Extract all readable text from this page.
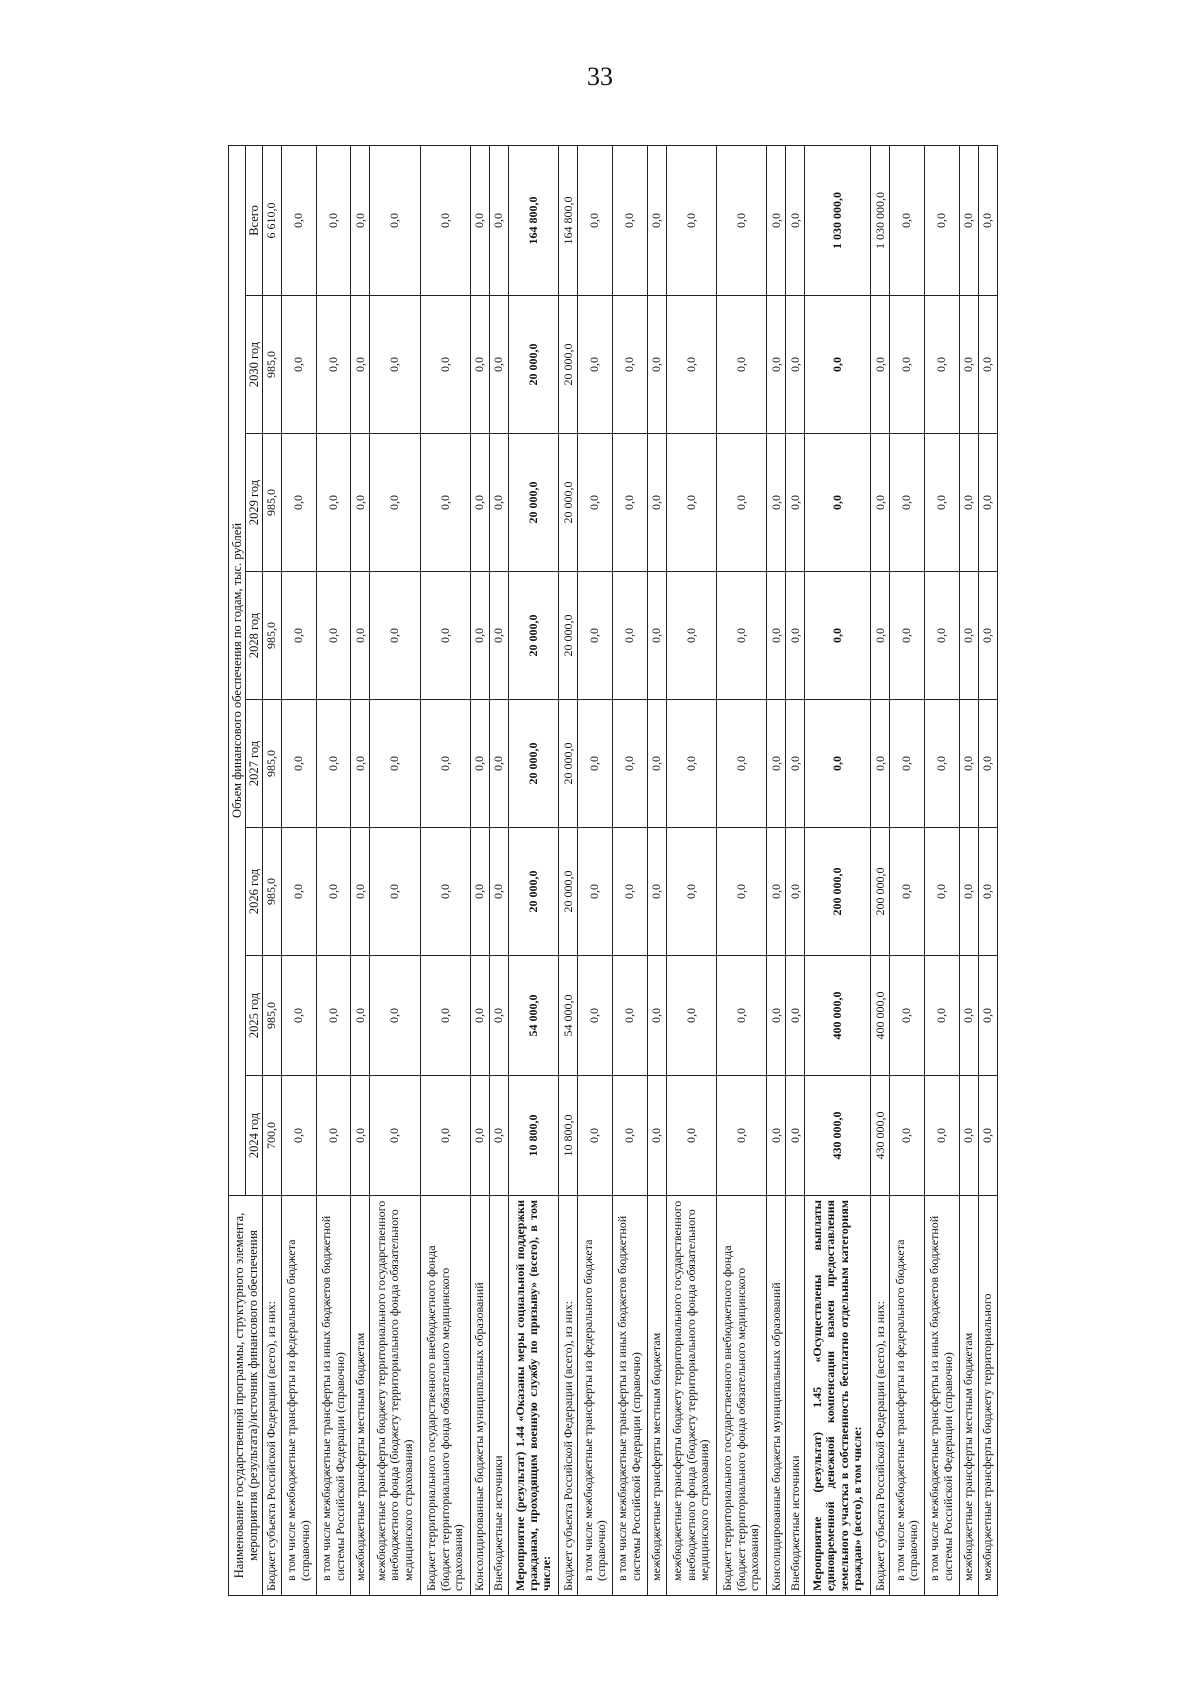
33
Наименование государственной программы, структурного элемента, мероприятия (результата)/источник финансового обеспечения	Объем финансового обеспечения по годам, тыс. рублей							
	2024 год	2025 год	2026 год	2027 год	2028 год	2029 год	2030 год	Всего
Бюджет субъекта Российской Федерации (всего), из них:	700,0	985,0	985,0	985,0	985,0	985,0	985,0	6 610,0
в том числе межбюджетные трансферты из федерального бюджета (справочно)	0,0	0,0	0,0	0,0	0,0	0,0	0,0	0,0
в том числе межбюджетные трансферты из иных бюджетов бюджетной системы Российской Федерации (справочно)	0,0	0,0	0,0	0,0	0,0	0,0	0,0	0,0
межбюджетные трансферты местным бюджетам	0,0	0,0	0,0	0,0	0,0	0,0	0,0	0,0
межбюджетные трансферты бюджету территориального государственного внебюджетного фонда (бюджету территориального фонда обязательного медицинского страхования)	0,0	0,0	0,0	0,0	0,0	0,0	0,0	0,0
Бюджет территориального государственного внебюджетного фонда (бюджет территориального фонда обязательного медицинского страхования)	0,0	0,0	0,0	0,0	0,0	0,0	0,0	0,0
Консолидированные бюджеты муниципальных образований	0,0	0,0	0,0	0,0	0,0	0,0	0,0	0,0
Внебюджетные источники	0,0	0,0	0,0	0,0	0,0	0,0	0,0	0,0
Мероприятие (результат) 1.44 «Оказаны меры социальной поддержки гражданам, проходящим военную службу по призыву» (всего), в том числе:	10 800,0	54 000,0	20 000,0	20 000,0	20 000,0	20 000,0	20 000,0	164 800,0
Бюджет субъекта Российской Федерации (всего), из них:	10 800,0	54 000,0	20 000,0	20 000,0	20 000,0	20 000,0	20 000,0	164 800,0
в том числе межбюджетные трансферты из федерального бюджета (справочно)	0,0	0,0	0,0	0,0	0,0	0,0	0,0	0,0
в том числе межбюджетные трансферты из иных бюджетов бюджетной системы Российской Федерации (справочно)	0,0	0,0	0,0	0,0	0,0	0,0	0,0	0,0
межбюджетные трансферты местным бюджетам	0,0	0,0	0,0	0,0	0,0	0,0	0,0	0,0
межбюджетные трансферты бюджету территориального государственного внебюджетного фонда (бюджету территориального фонда обязательного медицинского страхования)	0,0	0,0	0,0	0,0	0,0	0,0	0,0	0,0
Бюджет территориального государственного внебюджетного фонда (бюджет территориального фонда обязательного медицинского страхования)	0,0	0,0	0,0	0,0	0,0	0,0	0,0	0,0
Консолидированные бюджеты муниципальных образований	0,0	0,0	0,0	0,0	0,0	0,0	0,0	0,0
Внебюджетные источники	0,0	0,0	0,0	0,0	0,0	0,0	0,0	0,0
Мероприятие (результат) 1.45 «Осуществлены выплаты единовременной денежной компенсации взамен предоставления земельного участка в собственность бесплатно отдельным категориям граждан» (всего), в том числе:	430 000,0	400 000,0	200 000,0	0,0	0,0	0,0	0,0	1 030 000,0
Бюджет субъекта Российской Федерации (всего), из них:	430 000,0	400 000,0	200 000,0	0,0	0,0	0,0	0,0	1 030 000,0
в том числе межбюджетные трансферты из федерального бюджета (справочно)	0,0	0,0	0,0	0,0	0,0	0,0	0,0	0,0
в том числе межбюджетные трансферты из иных бюджетов бюджетной системы Российской Федерации (справочно)	0,0	0,0	0,0	0,0	0,0	0,0	0,0	0,0
межбюджетные трансферты местным бюджетам	0,0	0,0	0,0	0,0	0,0	0,0	0,0	0,0
межбюджетные трансферты бюджету территориального	0,0	0,0	0,0	0,0	0,0	0,0	0,0	0,0
